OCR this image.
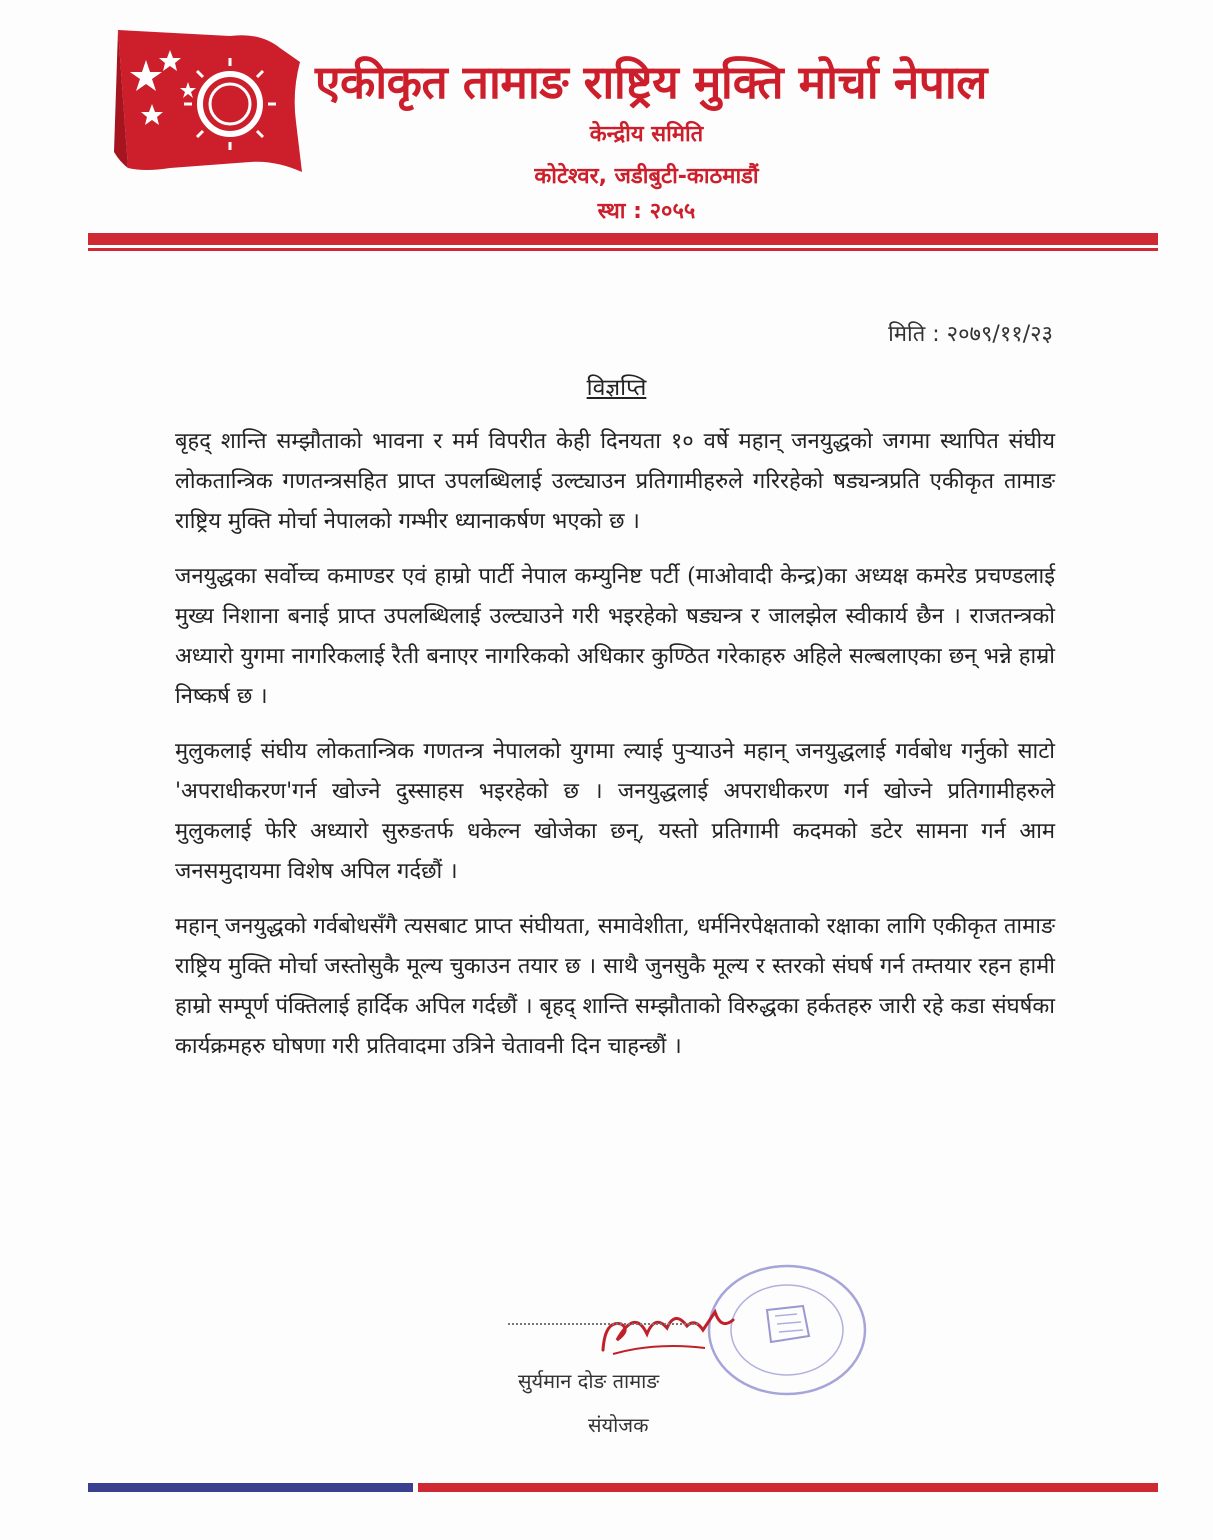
एकीकृत तामाङ राष्ट्रिय मुक्ति मोर्चा नेपाल
केन्द्रीय समिति
कोटेश्वर, जडीबुटी-काठमाडौं
स्था : २०५५
मिति : २०७९/११/२३
विज्ञप्ति

बृहद् शान्ति सम्झौताको भावना र मर्म विपरीत केही दिनयता १० वर्षे महान् जनयुद्धको जगमा स्थापित संघीय लोकतान्त्रिक गणतन्त्रसहित प्राप्त उपलब्धिलाई उल्ट्याउन प्रतिगामीहरुले गरिरहेको षड्यन्त्रप्रति एकीकृत तामाङ राष्ट्रिय मुक्ति मोर्चा नेपालको गम्भीर ध्यानाकर्षण भएको छ ।

जनयुद्धका सर्वोच्च कमाण्डर एवं हाम्रो पार्टी नेपाल कम्युनिष्ट पर्टी (माओवादी केन्द्र)का अध्यक्ष कमरेड प्रचण्डलाई मुख्य निशाना बनाई प्राप्त उपलब्धिलाई उल्ट्याउने गरी भइरहेको षड्यन्त्र र जालझेल स्वीकार्य छैन । राजतन्त्रको अध्यारो युगमा नागरिकलाई रैती बनाएर नागरिकको अधिकार कुण्ठित गरेकाहरु अहिले सल्बलाएका छन् भन्ने हाम्रो निष्कर्ष छ ।

मुलुकलाई संघीय लोकतान्त्रिक गणतन्त्र नेपालको युगमा ल्याई पुऱ्याउने महान् जनयुद्धलाई गर्वबोध गर्नुको साटो 'अपराधीकरण'गर्न खोज्ने दुस्साहस भइरहेको छ । जनयुद्धलाई अपराधीकरण गर्न खोज्ने प्रतिगामीहरुले मुलुकलाई फेरि अध्यारो सुरुङतर्फ धकेल्न खोजेका छन्, यस्तो प्रतिगामी कदमको डटेर सामना गर्न आम जनसमुदायमा विशेष अपिल गर्दछौं ।

महान् जनयुद्धको गर्वबोधसँगै त्यसबाट प्राप्त संघीयता, समावेशीता, धर्मनिरपेक्षताको रक्षाका लागि एकीकृत तामाङ राष्ट्रिय मुक्ति मोर्चा जस्तोसुकै मूल्य चुकाउन तयार छ । साथै जुनसुकै मूल्य र स्तरको संघर्ष गर्न तम्तयार रहन हामी हाम्रो सम्पूर्ण पंक्तिलाई हार्दिक अपिल गर्दछौं । बृहद् शान्ति सम्झौताको विरुद्धका हर्कतहरु जारी रहे कडा संघर्षका कार्यक्रमहरु घोषणा गरी प्रतिवादमा उत्रिने चेतावनी दिन चाहन्छौं ।

सुर्यमान दोङ तामाङ
संयोजक
